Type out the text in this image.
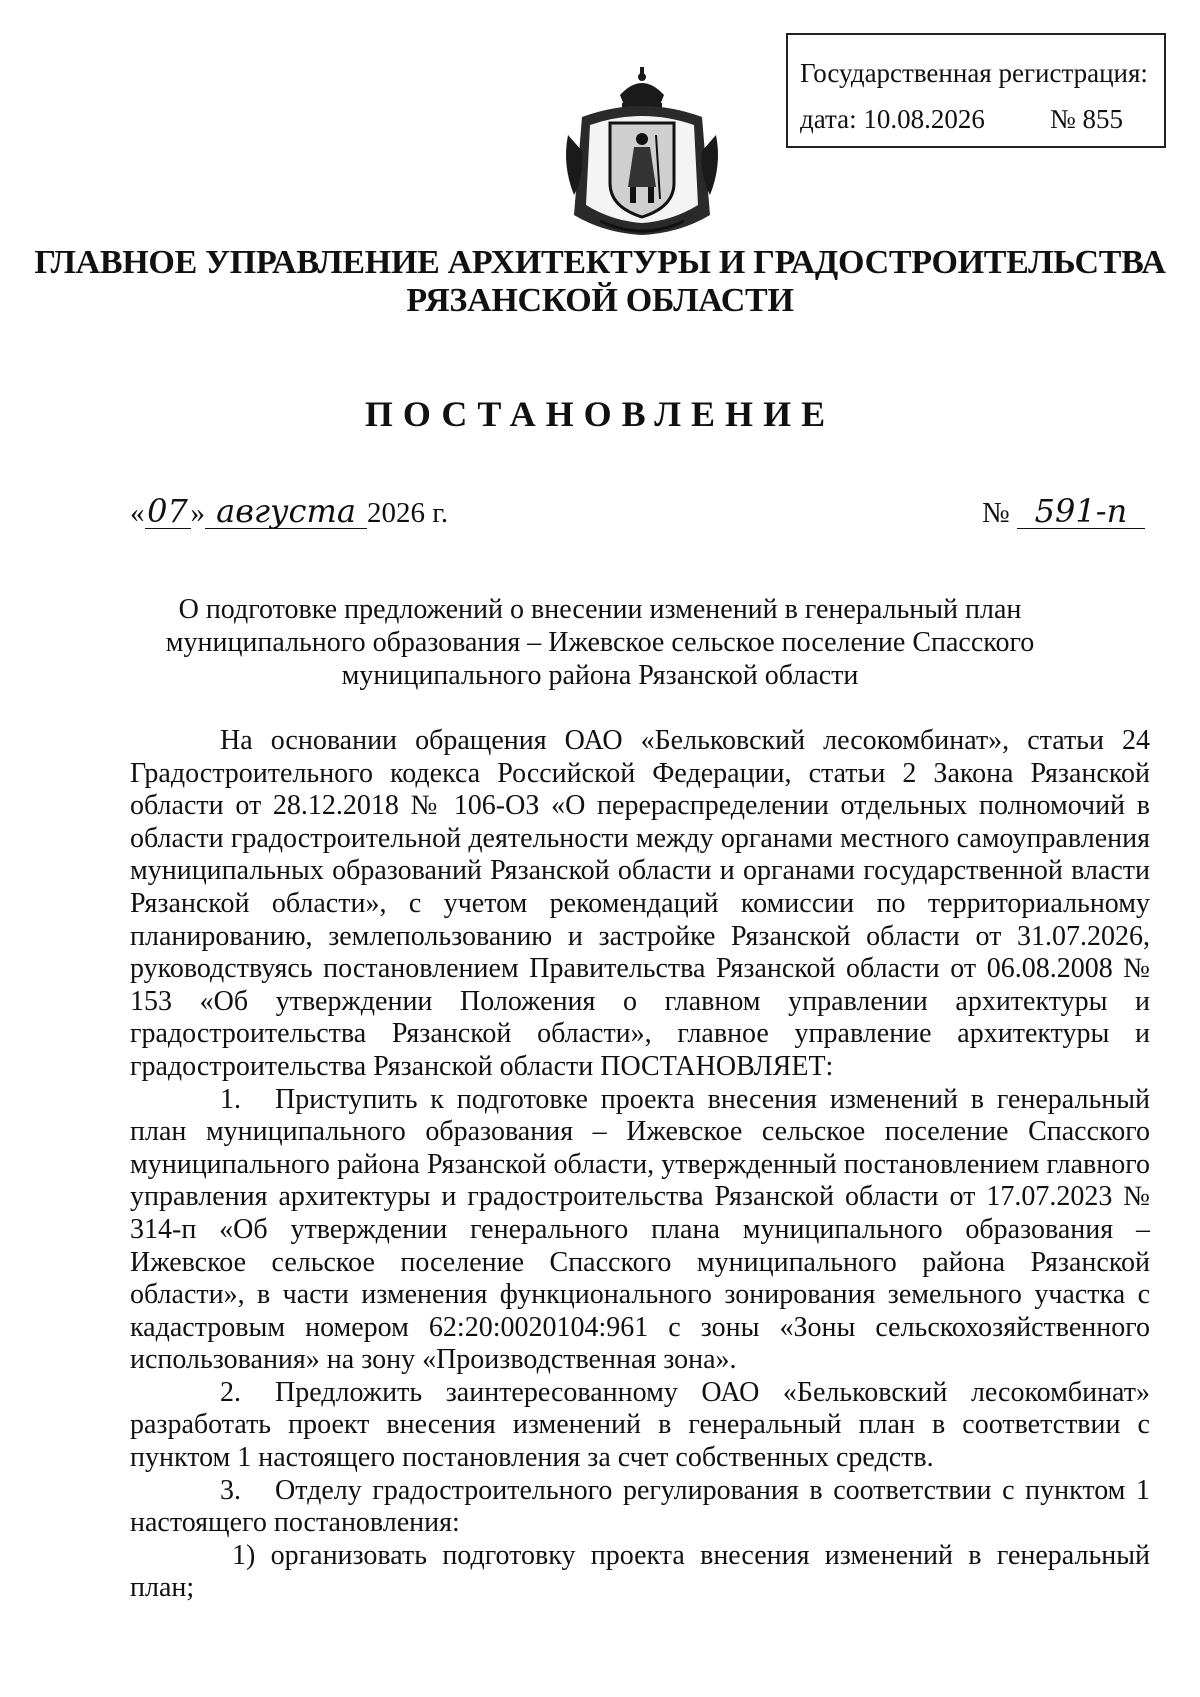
Государственная регистрация:
дата: 10.08.2026 № 855
ГЛАВНОЕ УПРАВЛЕНИЕ АРХИТЕКТУРЫ И ГРАДОСТРОИТЕЛЬСТВА
РЯЗАНСКОЙ ОБЛАСТИ
ПОСТАНОВЛЕНИЕ
«07» августа 2026 г.	№ 591-п
О подготовке предложений о внесении изменений в генеральный план
муниципального образования – Ижевское сельское поселение Спасского
муниципального района Рязанской области

На основании обращения ОАО «Бельковский лесокомбинат», статьи 24 Градостроительного кодекса Российской Федерации, статьи 2 Закона Рязанской области от 28.12.2018 № 106-ОЗ «О перераспределении отдельных полномочий в области градостроительной деятельности между органами местного самоуправления муниципальных образований Рязанской области и органами государственной власти Рязанской области», с учетом рекомендаций комиссии по территориальному планированию, землепользованию и застройке Рязанской области от 31.07.2026, руководствуясь постановлением Правительства Рязанской области от 06.08.2008 № 153 «Об утверждении Положения о главном управлении архитектуры и градостроительства Рязанской области», главное управление архитектуры и градостроительства Рязанской области ПОСТАНОВЛЯЕТ:

1. Приступить к подготовке проекта внесения изменений в генеральный план муниципального образования – Ижевское сельское поселение Спасского муниципального района Рязанской области, утвержденный постановлением главного управления архитектуры и градостроительства Рязанской области от 17.07.2023 № 314-п «Об утверждении генерального плана муниципального образования – Ижевское сельское поселение Спасского муниципального района Рязанской области», в части изменения функционального зонирования земельного участка с кадастровым номером 62:20:0020104:961 с зоны «Зоны сельскохозяйственного использования» на зону «Производственная зона».

2. Предложить заинтересованному ОАО «Бельковский лесокомбинат» разработать проект внесения изменений в генеральный план в соответствии с пунктом 1 настоящего постановления за счет собственных средств.

3. Отделу градостроительного регулирования в соответствии с пунктом 1 настоящего постановления:

1) организовать подготовку проекта внесения изменений в генеральный план;
